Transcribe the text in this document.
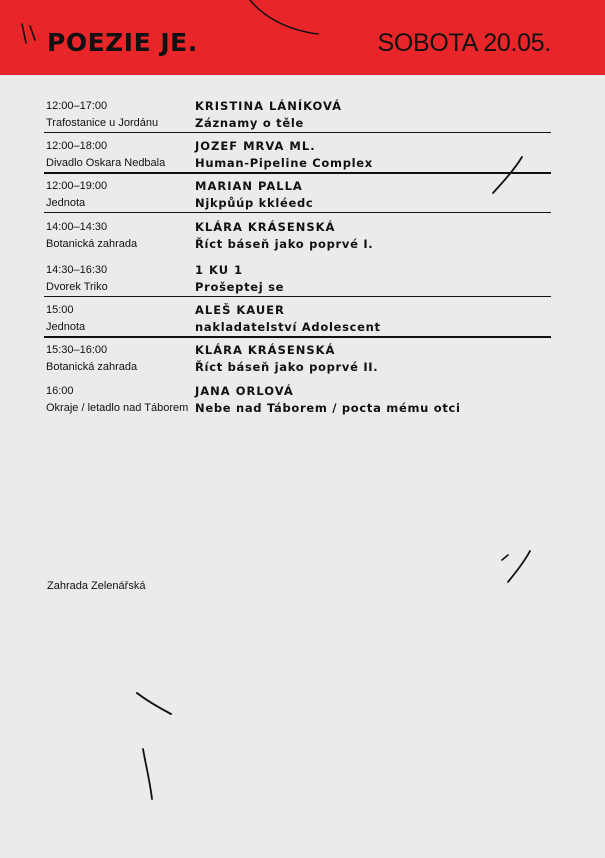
POEZIE JE.	SOBOTA 20.05.
12:00–17:00
Trafostanice u Jordánu
KRISTINA LÁNÍKOVÁ
Záznamy o těle
12:00–18:00
Divadlo Oskara Nedbala
JOZEF MRVA ML.
Human-Pipeline Complex
12:00–19:00
Jednota
MARIAN PALLA
Njkpůúp kkléedc
14:00–14:30
Botanická zahrada
KLÁRA KRÁSENSKÁ
Říct báseň jako poprvé I.
14:30–16:30
Dvorek Triko
1 KU 1
Prošeptej se
15:00
Jednota
ALEŠ KAUER
nakladatelství Adolescent
15:30–16:00
Botanická zahrada
KLÁRA KRÁSENSKÁ
Říct báseň jako poprvé II.
16:00
Okraje / letadlo nad Táborem
JANA ORLOVÁ
Nebe nad Táborem / pocta mému otci
Zahrada Zelenářská
